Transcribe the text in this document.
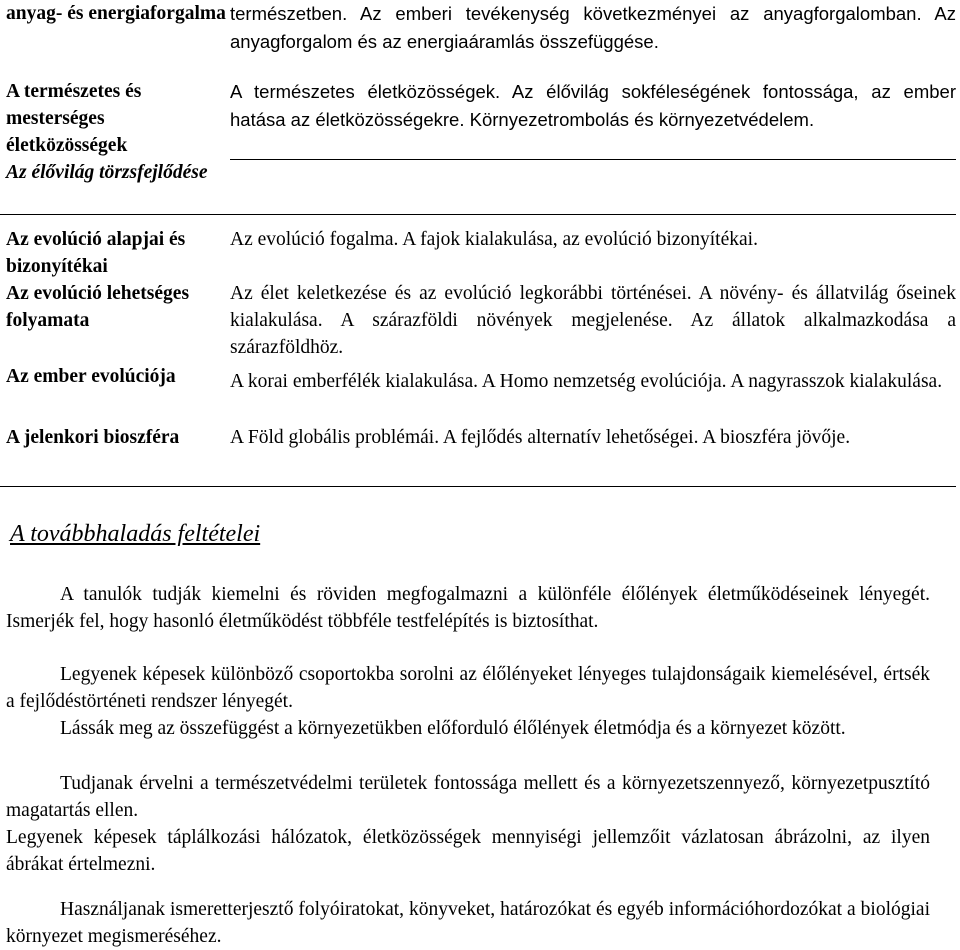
anyag- és energiaforgalma természetben. Az emberi tevékenység következményei az anyagforgalomban. Az anyagforgalom és az energiaáramlás összefüggése.
A természetes és mesterséges életközösségek
Az élővilág törzsfejlődése
A természetes életközösségek. Az élővilág sokféleségének fontossága, az ember hatása az életközösségekre. Környezetrombolás és környezetvédelem.
Az evolúció alapjai és bizonyítékai
Az evolúció fogalma. A fajok kialakulása, az evolúció bizonyítékai.
Az evolúció lehetséges folyamata
Az élet keletkezése és az evolúció legkorábbi történései. A növény- és állatvilág őseinek kialakulása. A szárazföldi növények megjelenése. Az állatok alkalmazkodása a szárazföldhöz.
Az ember evolúciója	A korai emberfélék kialakulása. A Homo nemzetség evolúciója. A nagyrasszok kialakulása.
A jelenkori bioszféra	A Föld globális problémái. A fejlődés alternatív lehetőségei. A bioszféra jövője.
A továbbhaladás feltételei
A tanulók tudják kiemelni és röviden megfogalmazni a különféle élőlények életműködéseinek lényegét. Ismerjék fel, hogy hasonló életműködést többféle testfelépítés is biztosíthat.
Legyenek képesek különböző csoportokba sorolni az élőlényeket lényeges tulajdonságaik kiemelésével, értsék a fejlődéstörténeti rendszer lényegét.
Lássák meg az összefüggést a környezetükben előforduló élőlények életmódja és a környezet között.
Tudjanak érvelni a természetvédelmi területek fontossága mellett és a környezetszennyező, környezetpusztító magatartás ellen.
Legyenek képesek táplálkozási hálózatok, életközösségek mennyiségi jellemzőit vázlatosan ábrázolni, az ilyen ábrákat értelmezni.
Használjanak ismeretterjesztő folyóiratokat, könyveket, határozókat és egyéb információhordozókat a biológiai környezet megismeréséhez.
